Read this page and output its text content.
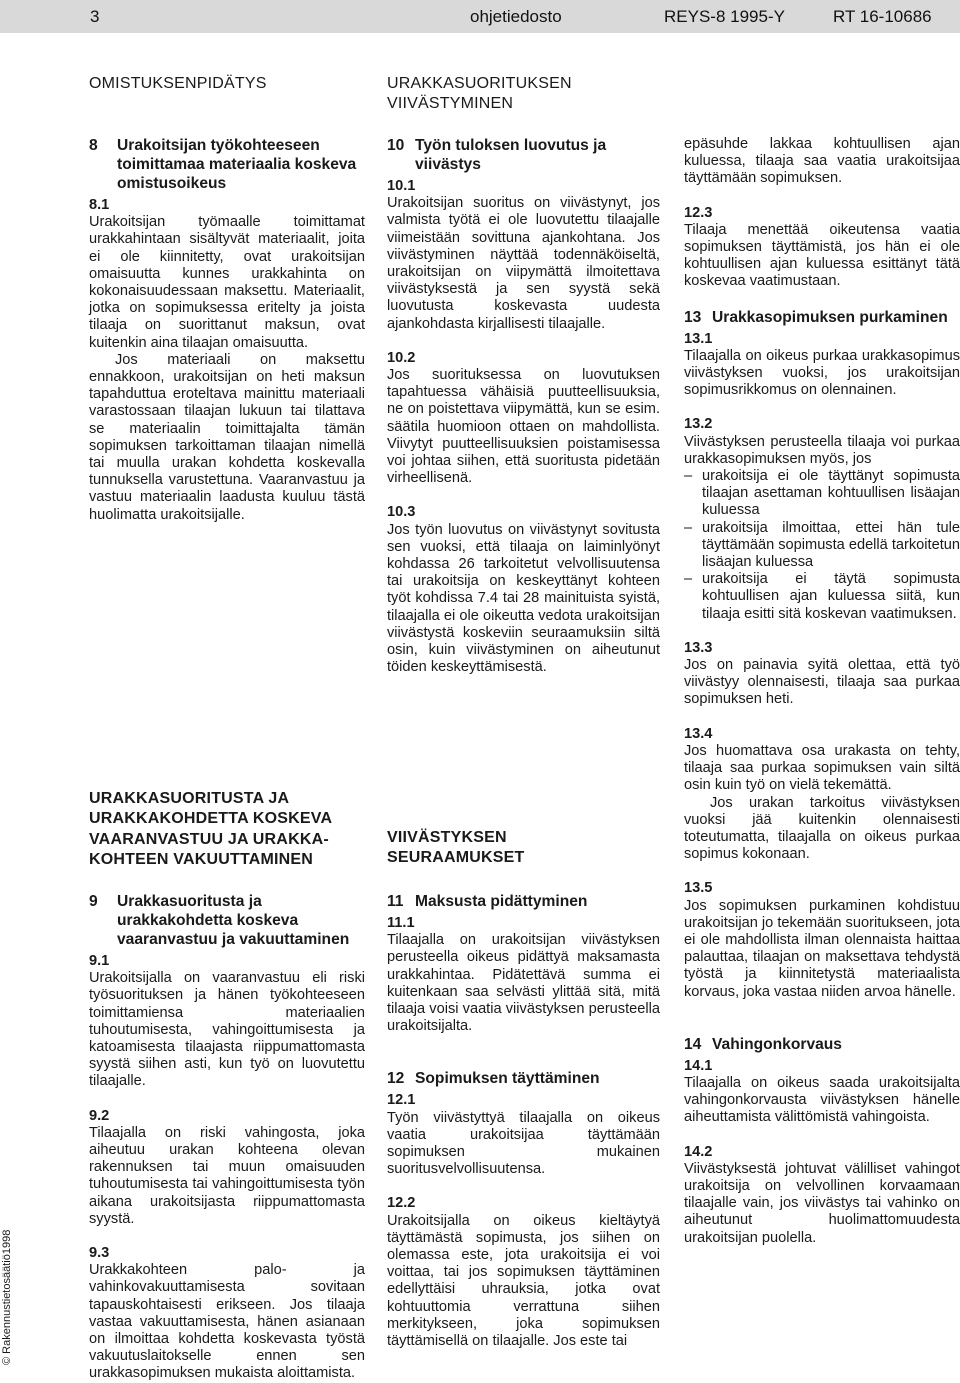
3	ohjetiedosto	REYS-8 1995-Y	RT 16-10686
OMISTUKSENPIDÄTYS	URAKKASUORITUKSEN VIIVÄSTYMINEN
URAKKASUORITUSTA JA URAKKAKOHDETTA KOSKEVA VAARANVASTUU JA URAKKA-KOHTEEN VAKUUTTAMINEN
VIIVÄSTYKSEN SEURAAMUKSET
8	Urakoitsijan työkohteeseen toimittamaa materiaalia koskeva omistusoikeus
8.1

Urakoitsijan työmaalle toimittamat urakkahintaan sisältyvät materiaalit, joita ei ole kiinnitetty, ovat urakoitsijan omaisuutta kunnes urakkahinta on kokonaisuudessaan maksettu. Materiaalit, jotka on sopimuksessa eritelty ja joista tilaaja on suorittanut maksun, ovat kuitenkin aina tilaajan omaisuutta.

Jos materiaali on maksettu ennakkoon, urakoitsijan on heti maksun tapahduttua eroteltava mainittu materiaali varastossaan tilaajan lukuun tai tilattava se materiaalin toimittajalta tämän sopimuksen tarkoittaman tilaajan nimellä tai muulla urakan kohdetta koskevalla tunnuksella varustettuna. Vaaranvastuu ja vastuu materiaalin laadusta kuuluu tästä huolimatta urakoitsijalle.

9	Urakkasuoritusta ja urakkakohdetta koskeva vaaranvastuu ja vakuuttaminen
9.1

Urakoitsijalla on vaaranvastuu eli riski työsuorituksen ja hänen työkohteeseen toimittamiensa materiaalien tuhoutumisesta, vahingoittumisesta ja katoamisesta tilaajasta riippumattomasta syystä siihen asti, kun työ on luovutettu tilaajalle.

9.2

Tilaajalla on riski vahingosta, joka aiheutuu urakan kohteena olevan rakennuksen tai muun omaisuuden tuhoutumisesta tai vahingoittumisesta työn aikana urakoitsijasta riippumattomasta syystä.

9.3

Urakkakohteen palo- ja vahinkovakuuttamisesta sovitaan tapauskohtaisesti erikseen. Jos tilaaja vastaa vakuuttamisesta, hänen asianaan on ilmoittaa kohdetta koskevasta työstä vakuutuslaitokselle ennen sen urakkasopimuksen mukaista aloittamista.

10 Työn tuloksen luovutus ja viivästys
10.1

Urakoitsijan suoritus on viivästynyt, jos valmista työtä ei ole luovutettu tilaajalle viimeistään sovittuna ajankohtana. Jos viivästyminen näyttää todennäköiseltä, urakoitsijan on viipymättä ilmoitettava viivästyksestä ja sen syystä sekä luovutusta koskevasta uudesta ajankohdasta kirjallisesti tilaajalle.

10.2

Jos suorituksessa on luovutuksen tapahtuessa vähäisiä puutteellisuuksia, ne on poistettava viipymättä, kun se esim. säätila huomioon ottaen on mahdollista. Viivytyt puutteellisuuksien poistamisessa voi johtaa siihen, että suoritusta pidetään virheellisenä.

10.3

Jos työn luovutus on viivästynyt sovitusta sen vuoksi, että tilaaja on laiminlyönyt kohdassa 26 tarkoitetut velvollisuutensa tai urakoitsija on keskeyttänyt kohteen työt kohdissa 7.4 tai 28 mainituista syistä, tilaajalla ei ole oikeutta vedota urakoitsijan viivästystä koskeviin seuraamuksiin siltä osin, kuin viivästyminen on aiheutunut töiden keskeyttämisestä.

11 Maksusta pidättyminen
11.1

Tilaajalla on urakoitsijan viivästyksen perusteella oikeus pidättyä maksamasta urakkahintaa. Pidätettävä summa ei kuitenkaan saa selvästi ylittää sitä, mitä tilaaja voisi vaatia viivästyksen perusteella urakoitsijalta.

12 Sopimuksen täyttäminen
12.1

Työn viivästyttyä tilaajalla on oikeus vaatia urakoitsijaa täyttämään sopimuksen mukainen suoritusvelvollisuutensa.

12.2

Urakoitsijalla on oikeus kieltäytyä täyttämästä sopimusta, jos siihen on olemassa este, jota urakoitsija ei voi voittaa, tai jos sopimuksen täyttäminen edellyttäisi uhrauksia, jotka ovat kohtuuttomia verrattuna siihen merkitykseen, joka sopimuksen täyttämisellä on tilaajalle. Jos este tai

epäsuhde lakkaa kohtuullisen ajan kuluessa, tilaaja saa vaatia urakoitsijaa täyttämään sopimuksen.

12.3

Tilaaja menettää oikeutensa vaatia sopimuksen täyttämistä, jos hän ei ole kohtuullisen ajan kuluessa esittänyt tätä koskevaa vaatimustaan.

13 Urakkasopimuksen purkaminen
13.1

Tilaajalla on oikeus purkaa urakkasopimus viivästyksen vuoksi, jos urakoitsijan sopimusrikkomus on olennainen.

13.2

Viivästyksen perusteella tilaaja voi purkaa urakkasopimuksen myös, jos

– urakoitsija ei ole täyttänyt sopimusta tilaajan asettaman kohtuullisen lisäajan kuluessa
– urakoitsija ilmoittaa, ettei hän tule täyttämään sopimusta edellä tarkoitetun lisäajan kuluessa
– urakoitsija ei täytä sopimusta kohtuullisen ajan kuluessa siitä, kun tilaaja esitti sitä koskevan vaatimuksen.
13.3

Jos on painavia syitä olettaa, että työ viivästyy olennaisesti, tilaaja saa purkaa sopimuksen heti.

13.4

Jos huomattava osa urakasta on tehty, tilaaja saa purkaa sopimuksen vain siltä osin kuin työ on vielä tekemättä.

Jos urakan tarkoitus viivästyksen vuoksi jää kuitenkin olennaisesti toteutumatta, tilaajalla on oikeus purkaa sopimus kokonaan.

13.5

Jos sopimuksen purkaminen kohdistuu urakoitsijan jo tekemään suoritukseen, jota ei ole mahdollista ilman olennaista haittaa palauttaa, tilaajan on maksettava tehdystä työstä ja kiinnitetystä materiaalista korvaus, joka vastaa niiden arvoa hänelle.

14 Vahingonkorvaus
14.1

Tilaajalla on oikeus saada urakoitsijalta vahingonkorvausta viivästyksen hänelle aiheuttamista välittömistä vahingoista.

14.2

Viivästyksestä johtuvat välilliset vahingot urakoitsija on velvollinen korvaamaan tilaajalle vain, jos viivästys tai vahinko on aiheutunut huolimattomuudesta urakoitsijan puolella.

© Rakennustietosäätiö1998
